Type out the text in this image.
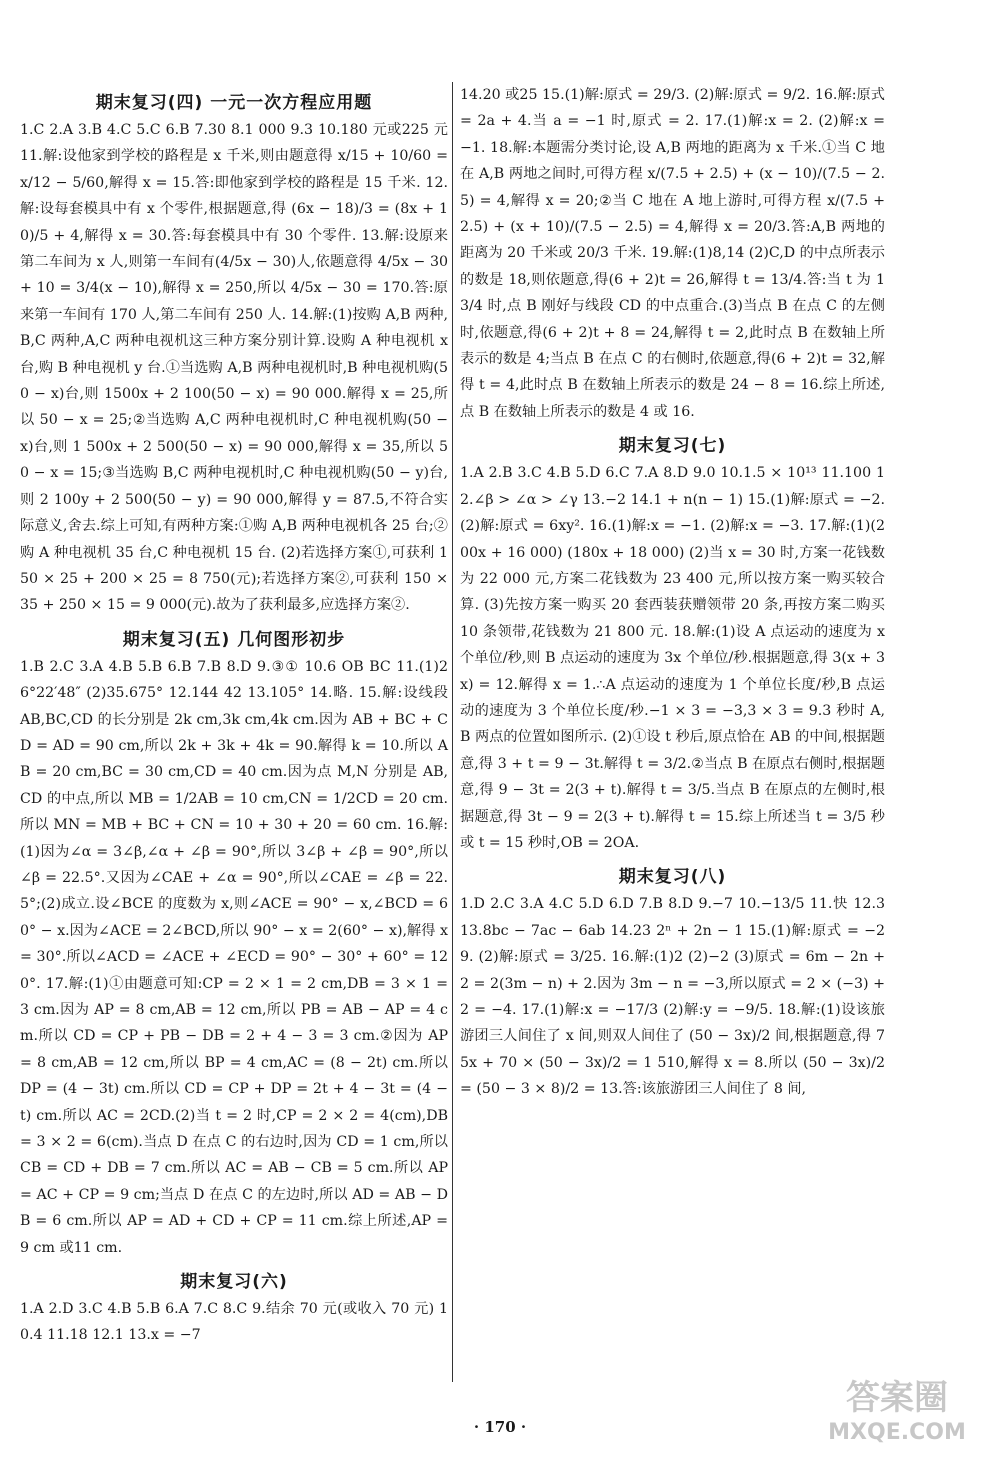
期末复习(四) 一元一次方程应用题

1.C 2.A 3.B 4.C 5.C 6.B 7.30 8.1 000 9.3 10.180 元或225 元 11.解:设他家到学校的路程是 x 千米,则由题意得 x/15 + 10/60 = x/12 − 5/60,解得 x = 15.答:即他家到学校的路程是 15 千米. 12.解:设每套模具中有 x 个零件,根据题意,得 (6x − 18)/3 = (8x + 10)/5 + 4,解得 x = 30.答:每套模具中有 30 个零件. 13.解:设原来第二车间为 x 人,则第一车间有(4/5x − 30)人,依题意得 4/5x − 30 + 10 = 3/4(x − 10),解得 x = 250,所以 4/5x − 30 = 170.答:原来第一车间有 170 人,第二车间有 250 人. 14.解:(1)按购 A,B 两种,B,C 两种,A,C 两种电视机这三种方案分别计算.设购 A 种电视机 x 台,购 B 种电视机 y 台.①当选购 A,B 两种电视机时,B 种电视机购(50 − x)台,则 1500x + 2 100(50 − x) = 90 000.解得 x = 25,所以 50 − x = 25;②当选购 A,C 两种电视机时,C 种电视机购(50 − x)台,则 1 500x + 2 500(50 − x) = 90 000,解得 x = 35,所以 50 − x = 15;③当选购 B,C 两种电视机时,C 种电视机购(50 − y)台,则 2 100y + 2 500(50 − y) = 90 000,解得 y = 87.5,不符合实际意义,舍去.综上可知,有两种方案:①购 A,B 两种电视机各 25 台;②购 A 种电视机 35 台,C 种电视机 15 台. (2)若选择方案①,可获利 150 × 25 + 200 × 25 = 8 750(元);若选择方案②,可获利 150 × 35 + 250 × 15 = 9 000(元).故为了获利最多,应选择方案②.

期末复习(五) 几何图形初步

1.B 2.C 3.A 4.B 5.B 6.B 7.B 8.D 9.③① 10.6 OB BC 11.(1)26°22′48″ (2)35.675° 12.144 42 13.105° 14.略. 15.解:设线段 AB,BC,CD 的长分别是 2k cm,3k cm,4k cm.因为 AB + BC + CD = AD = 90 cm,所以 2k + 3k + 4k = 90.解得 k = 10.所以 AB = 20 cm,BC = 30 cm,CD = 40 cm.因为点 M,N 分别是 AB,CD 的中点,所以 MB = 1/2AB = 10 cm,CN = 1/2CD = 20 cm.所以 MN = MB + BC + CN = 10 + 30 + 20 = 60 cm. 16.解:(1)因为∠α = 3∠β,∠α + ∠β = 90°,所以 3∠β + ∠β = 90°,所以∠β = 22.5°.又因为∠CAE + ∠α = 90°,所以∠CAE = ∠β = 22.5°;(2)成立.设∠BCE 的度数为 x,则∠ACE = 90° − x,∠BCD = 60° − x.因为∠ACE = 2∠BCD,所以 90° − x = 2(60° − x),解得 x = 30°.所以∠ACD = ∠ACE + ∠ECD = 90° − 30° + 60° = 120°. 17.解:(1)①由题意可知:CP = 2 × 1 = 2 cm,DB = 3 × 1 = 3 cm.因为 AP = 8 cm,AB = 12 cm,所以 PB = AB − AP = 4 cm.所以 CD = CP + PB − DB = 2 + 4 − 3 = 3 cm.②因为 AP = 8 cm,AB = 12 cm,所以 BP = 4 cm,AC = (8 − 2t) cm.所以 DP = (4 − 3t) cm.所以 CD = CP + DP = 2t + 4 − 3t = (4 − t) cm.所以 AC = 2CD.(2)当 t = 2 时,CP = 2 × 2 = 4(cm),DB = 3 × 2 = 6(cm).当点 D 在点 C 的右边时,因为 CD = 1 cm,所以 CB = CD + DB = 7 cm.所以 AC = AB − CB = 5 cm.所以 AP = AC + CP = 9 cm;当点 D 在点 C 的左边时,所以 AD = AB − DB = 6 cm.所以 AP = AD + CD + CP = 11 cm.综上所述,AP = 9 cm 或11 cm.

期末复习(六)

1.A 2.D 3.C 4.B 5.B 6.A 7.C 8.C 9.结余 70 元(或收入 70 元) 10.4 11.18 12.1 13.x = −7

14.20 或25 15.(1)解:原式 = 29/3. (2)解:原式 = 9/2. 16.解:原式 = 2a + 4.当 a = −1 时,原式 = 2. 17.(1)解:x = 2. (2)解:x = −1. 18.解:本题需分类讨论,设 A,B 两地的距离为 x 千米.①当 C 地在 A,B 两地之间时,可得方程 x/(7.5 + 2.5) + (x − 10)/(7.5 − 2.5) = 4,解得 x = 20;②当 C 地在 A 地上游时,可得方程 x/(7.5 + 2.5) + (x + 10)/(7.5 − 2.5) = 4,解得 x = 20/3.答:A,B 两地的距离为 20 千米或 20/3 千米. 19.解:(1)8,14 (2)C,D 的中点所表示的数是 18,则依题意,得(6 + 2)t = 26,解得 t = 13/4.答:当 t 为 13/4 时,点 B 刚好与线段 CD 的中点重合.(3)当点 B 在点 C 的左侧时,依题意,得(6 + 2)t + 8 = 24,解得 t = 2,此时点 B 在数轴上所表示的数是 4;当点 B 在点 C 的右侧时,依题意,得(6 + 2)t = 32,解得 t = 4,此时点 B 在数轴上所表示的数是 24 − 8 = 16.综上所述,点 B 在数轴上所表示的数是 4 或 16.

期末复习(七)

1.A 2.B 3.C 4.B 5.D 6.C 7.A 8.D 9.0 10.1.5 × 10¹³ 11.100 12.∠β > ∠α > ∠γ 13.−2 14.1 + n(n − 1) 15.(1)解:原式 = −2. (2)解:原式 = 6xy². 16.(1)解:x = −1. (2)解:x = −3. 17.解:(1)(200x + 16 000) (180x + 18 000) (2)当 x = 30 时,方案一花钱数为 22 000 元,方案二花钱数为 23 400 元,所以按方案一购买较合算. (3)先按方案一购买 20 套西装获赠领带 20 条,再按方案二购买 10 条领带,花钱数为 21 800 元. 18.解:(1)设 A 点运动的速度为 x 个单位/秒,则 B 点运动的速度为 3x 个单位/秒.根据题意,得 3(x + 3x) = 12.解得 x = 1.∴A 点运动的速度为 1 个单位长度/秒,B 点运动的速度为 3 个单位长度/秒.−1 × 3 = −3,3 × 3 = 9.3 秒时 A,B 两点的位置如图所示. (2)①设 t 秒后,原点恰在 AB 的中间,根据题意,得 3 + t = 9 − 3t.解得 t = 3/2.②当点 B 在原点右侧时,根据题意,得 9 − 3t = 2(3 + t).解得 t = 3/5.当点 B 在原点的左侧时,根据题意,得 3t − 9 = 2(3 + t).解得 t = 15.综上所述当 t = 3/5 秒或 t = 15 秒时,OB = 2OA.

期末复习(八)

1.D 2.C 3.A 4.C 5.D 6.D 7.B 8.D 9.−7 10.−13/5 11.快 12.3 13.8bc − 7ac − 6ab 14.23 2ⁿ + 2n − 1 15.(1)解:原式 = −29. (2)解:原式 = 3/25. 16.解:(1)2 (2)−2 (3)原式 = 6m − 2n + 2 = 2(3m − n) + 2.因为 3m − n = −3,所以原式 = 2 × (−3) + 2 = −4. 17.(1)解:x = −17/3 (2)解:y = −9/5. 18.解:(1)设该旅游团三人间住了 x 间,则双人间住了 (50 − 3x)/2 间,根据题意,得 75x + 70 × (50 − 3x)/2 = 1 510,解得 x = 8.所以 (50 − 3x)/2 = (50 − 3 × 8)/2 = 13.答:该旅游团三人间住了 8 间,

· 170 ·
答案圈
MXQE.COM
